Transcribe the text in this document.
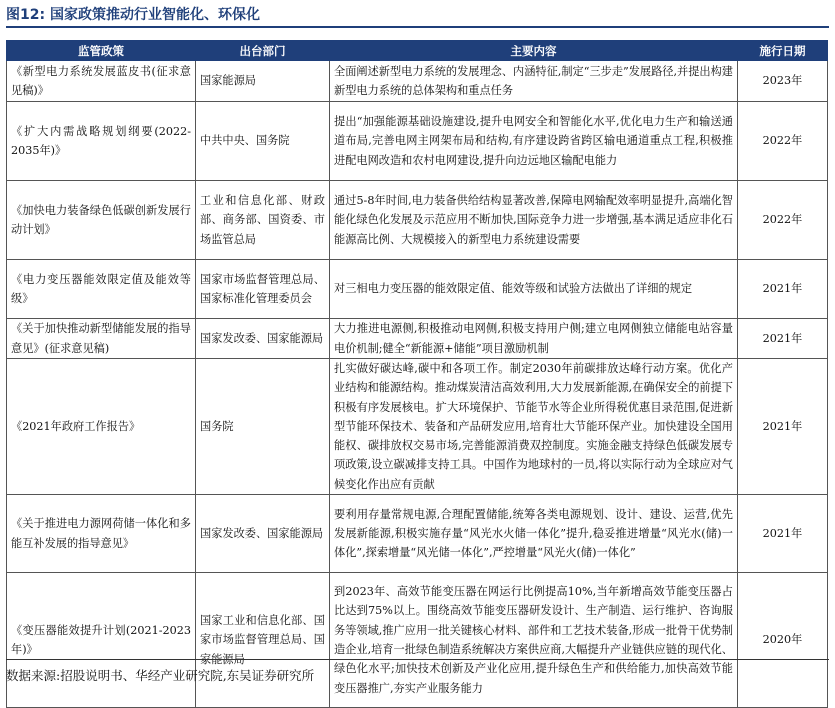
图12: 国家政策推动行业智能化、环保化
监管政策	出台部门	主要内容	施行日期
《新型电力系统发展蓝皮书(征求意见稿)》	国家能源局	全面阐述新型电力系统的发展理念、内涵特征,制定“三步走”发展路径,并提出构建新型电力系统的总体架构和重点任务	2023年
《扩大内需战略规划纲要(2022-2035年)》	中共中央、国务院	提出“加强能源基础设施建设,提升电网安全和智能化水平,优化电力生产和输送通道布局,完善电网主网架布局和结构,有序建设跨省跨区输电通道重点工程,积极推进配电网改造和农村电网建设,提升向边远地区输配电能力	2022年
《加快电力装备绿色低碳创新发展行动计划》	工业和信息化部、财政部、商务部、国资委、市场监管总局	通过5-8年时间,电力装备供给结构显著改善,保障电网输配效率明显提升,高端化智能化绿色化发展及示范应用不断加快,国际竞争力进一步增强,基本满足适应非化石能源高比例、大规模接入的新型电力系统建设需要	2022年
《电力变压器能效限定值及能效等级》	国家市场监督管理总局、国家标准化管理委员会	对三相电力变压器的能效限定值、能效等级和试验方法做出了详细的规定	2021年
《关于加快推动新型储能发展的指导意见》(征求意见稿)	国家发改委、国家能源局	大力推进电源侧,积极推动电网侧,积极支持用户侧;建立电网侧独立储能电站容量电价机制;健全“新能源+储能”项目激励机制	2021年
《2021年政府工作报告》	国务院	扎实做好碳达峰,碳中和各项工作。制定2030年前碳排放达峰行动方案。优化产业结构和能源结构。推动煤炭清洁高效利用,大力发展新能源,在确保安全的前提下积极有序发展核电。扩大环境保护、节能节水等企业所得税优惠目录范围,促进新型节能环保技术、装备和产品研发应用,培育壮大节能环保产业。加快建设全国用能权、碳排放权交易市场,完善能源消费双控制度。实施金融支持绿色低碳发展专项政策,设立碳减排支持工具。中国作为地球村的一员,将以实际行动为全球应对气候变化作出应有贡献	2021年
《关于推进电力源网荷储一体化和多能互补发展的指导意见》	国家发改委、国家能源局	要利用存量常规电源,合理配置储能,统筹各类电源规划、设计、建设、运营,优先发展新能源,积极实施存量“风光水火储一体化”提升,稳妥推进增量“风光水(储)一体化”,探索增量“风光储一体化”,严控增量“风光火(储)一体化”	2021年
《变压器能效提升计划(2021-2023年)》	国家工业和信息化部、国家市场监督管理总局、国家能源局	到2023年、高效节能变压器在网运行比例提高10%,当年新增高效节能变压器占比达到75%以上。围绕高效节能变压器研发设计、生产制造、运行维护、咨询服务等领域,推广应用一批关键核心材料、部件和工艺技术装备,形成一批骨干优势制造企业,培育一批绿色制造系统解决方案供应商,大幅提升产业链供应链的现代化、绿色化水平;加快技术创新及产业化应用,提升绿色生产和供给能力,加快高效节能变压器推广,夯实产业服务能力	2020年
数据来源:招股说明书、华经产业研究院,东吴证券研究所
